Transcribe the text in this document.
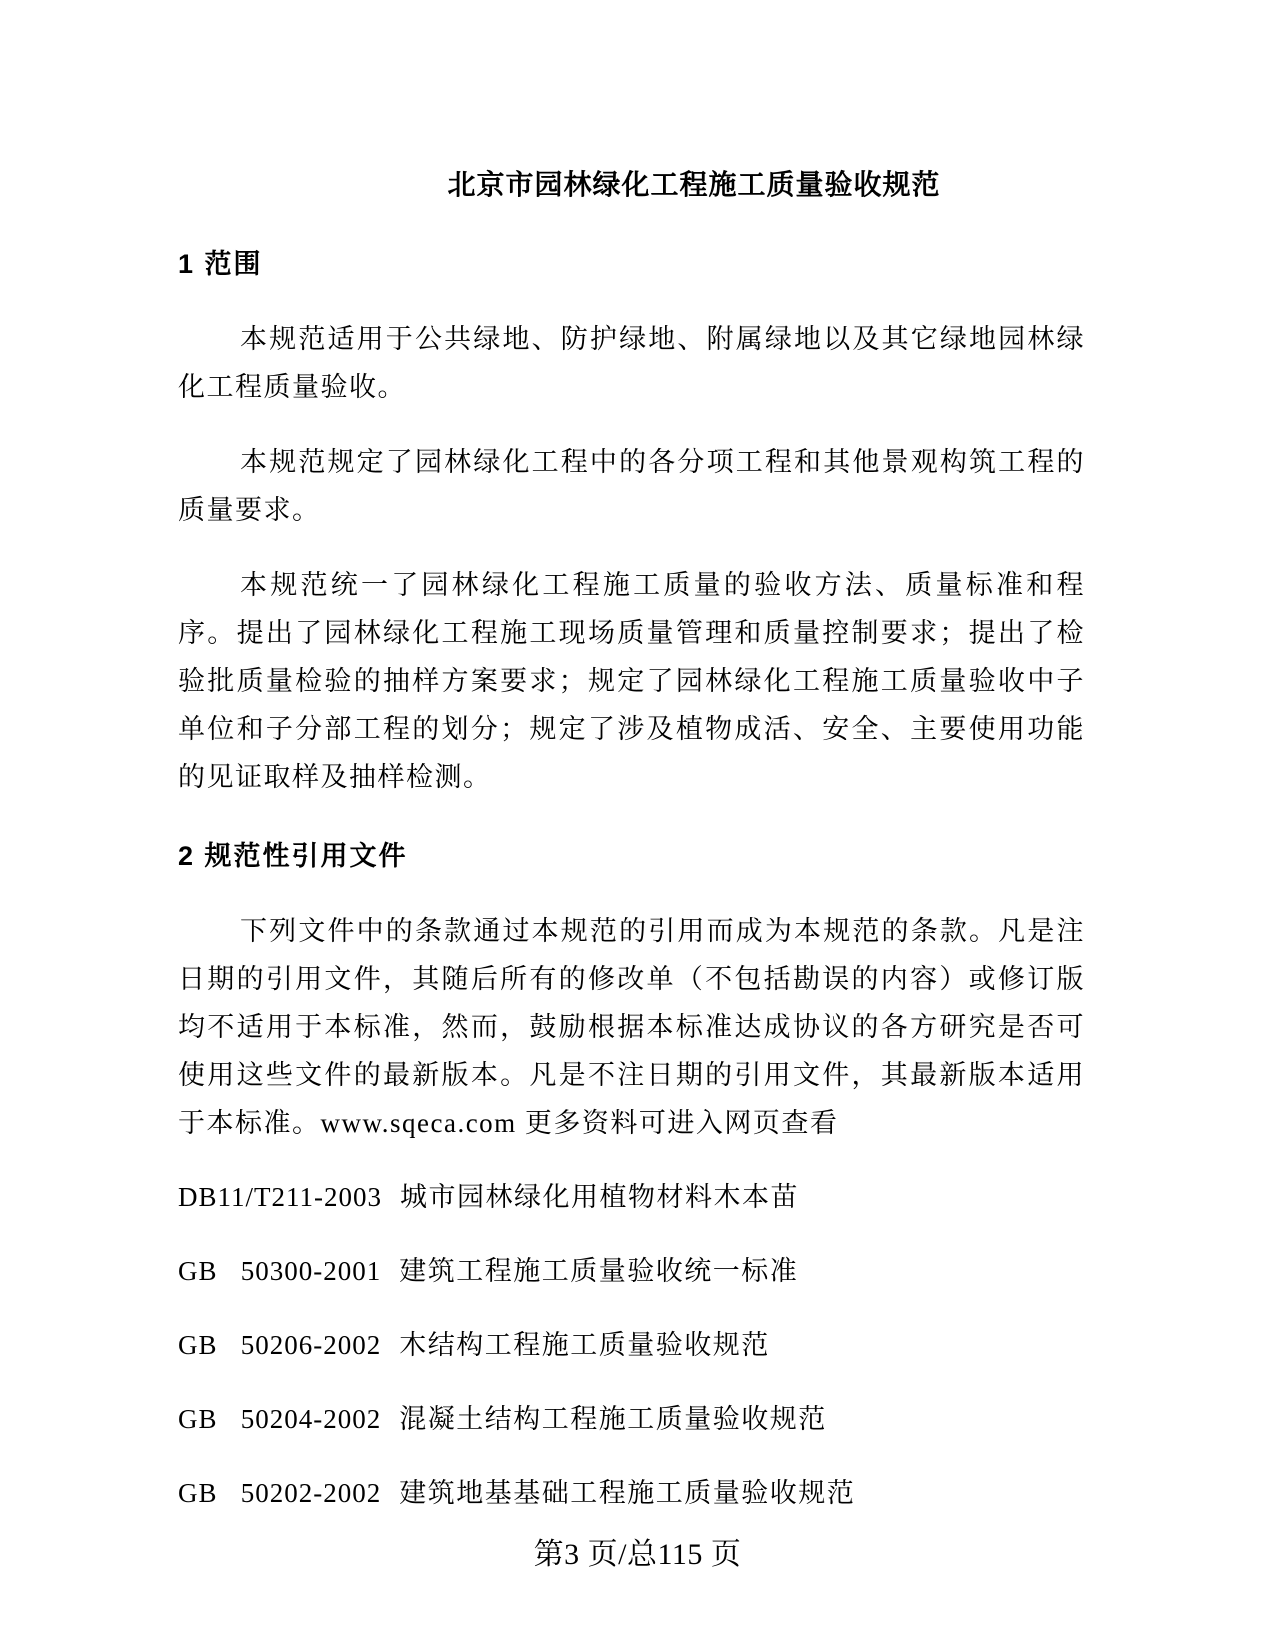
北京市园林绿化工程施工质量验收规范
1 范围
本规范适用于公共绿地、防护绿地、附属绿地以及其它绿地园林绿化工程质量验收。
本规范规定了园林绿化工程中的各分项工程和其他景观构筑工程的质量要求。
本规范统一了园林绿化工程施工质量的验收方法、质量标准和程序。提出了园林绿化工程施工现场质量管理和质量控制要求；提出了检验批质量检验的抽样方案要求；规定了园林绿化工程施工质量验收中子单位和子分部工程的划分；规定了涉及植物成活、安全、主要使用功能的见证取样及抽样检测。
2 规范性引用文件
下列文件中的条款通过本规范的引用而成为本规范的条款。凡是注日期的引用文件，其随后所有的修改单（不包括勘误的内容）或修订版均不适用于本标准，然而，鼓励根据本标准达成协议的各方研究是否可使用这些文件的最新版本。凡是不注日期的引用文件，其最新版本适用于本标准。www.sqeca.com 更多资料可进入网页查看
DB11/T211-2003 城市园林绿化用植物材料木本苗
GB   50300-2001 建筑工程施工质量验收统一标准
GB   50206-2002 木结构工程施工质量验收规范
GB   50204-2002 混凝土结构工程施工质量验收规范
GB   50202-2002 建筑地基基础工程施工质量验收规范
第3 页/总115 页
